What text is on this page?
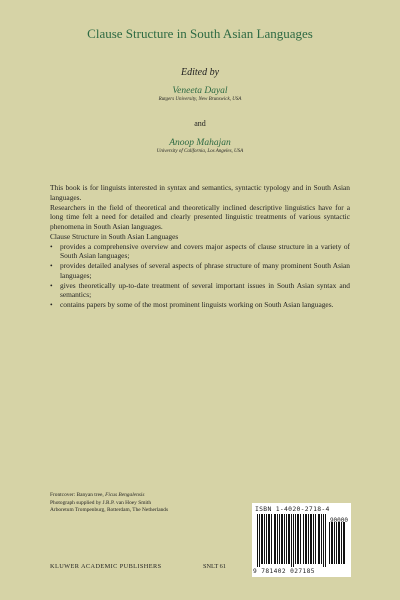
Clause Structure in South Asian Languages
Edited by
Veneeta Dayal
Rutgers University, New Brunswick, USA
and
Anoop Mahajan
University of California, Los Angeles, USA

This book is for linguists interested in syntax and semantics, syntactic typology and in South Asian languages.

Researchers in the field of theoretical and theoretically inclined descriptive linguistics have for a long time felt a need for detailed and clearly presented linguistic treatments of various syntactic phenomena in South Asian languages.

Clause Structure in South Asian Languages

• provides a comprehensive overview and covers major aspects of clause structure in a variety of South Asian languages;
• provides detailed analyses of several aspects of phrase structure of many prominent South Asian languages;
• gives theoretically up-to-date treatment of several important issues in South Asian syntax and semantics;
• contains papers by some of the most prominent linguists working on South Asian languages.
Frontcover: Banyan tree, Ficus Bengalensis
Photograph supplied by J.R.P. van Hoey Smith
Arboretum Trompenburg, Rotterdam, The Netherlands	ISBN 1-4020-2718-4
90000
9 781402 027185
KLUWER ACADEMIC PUBLISHERS	SNLT 61
